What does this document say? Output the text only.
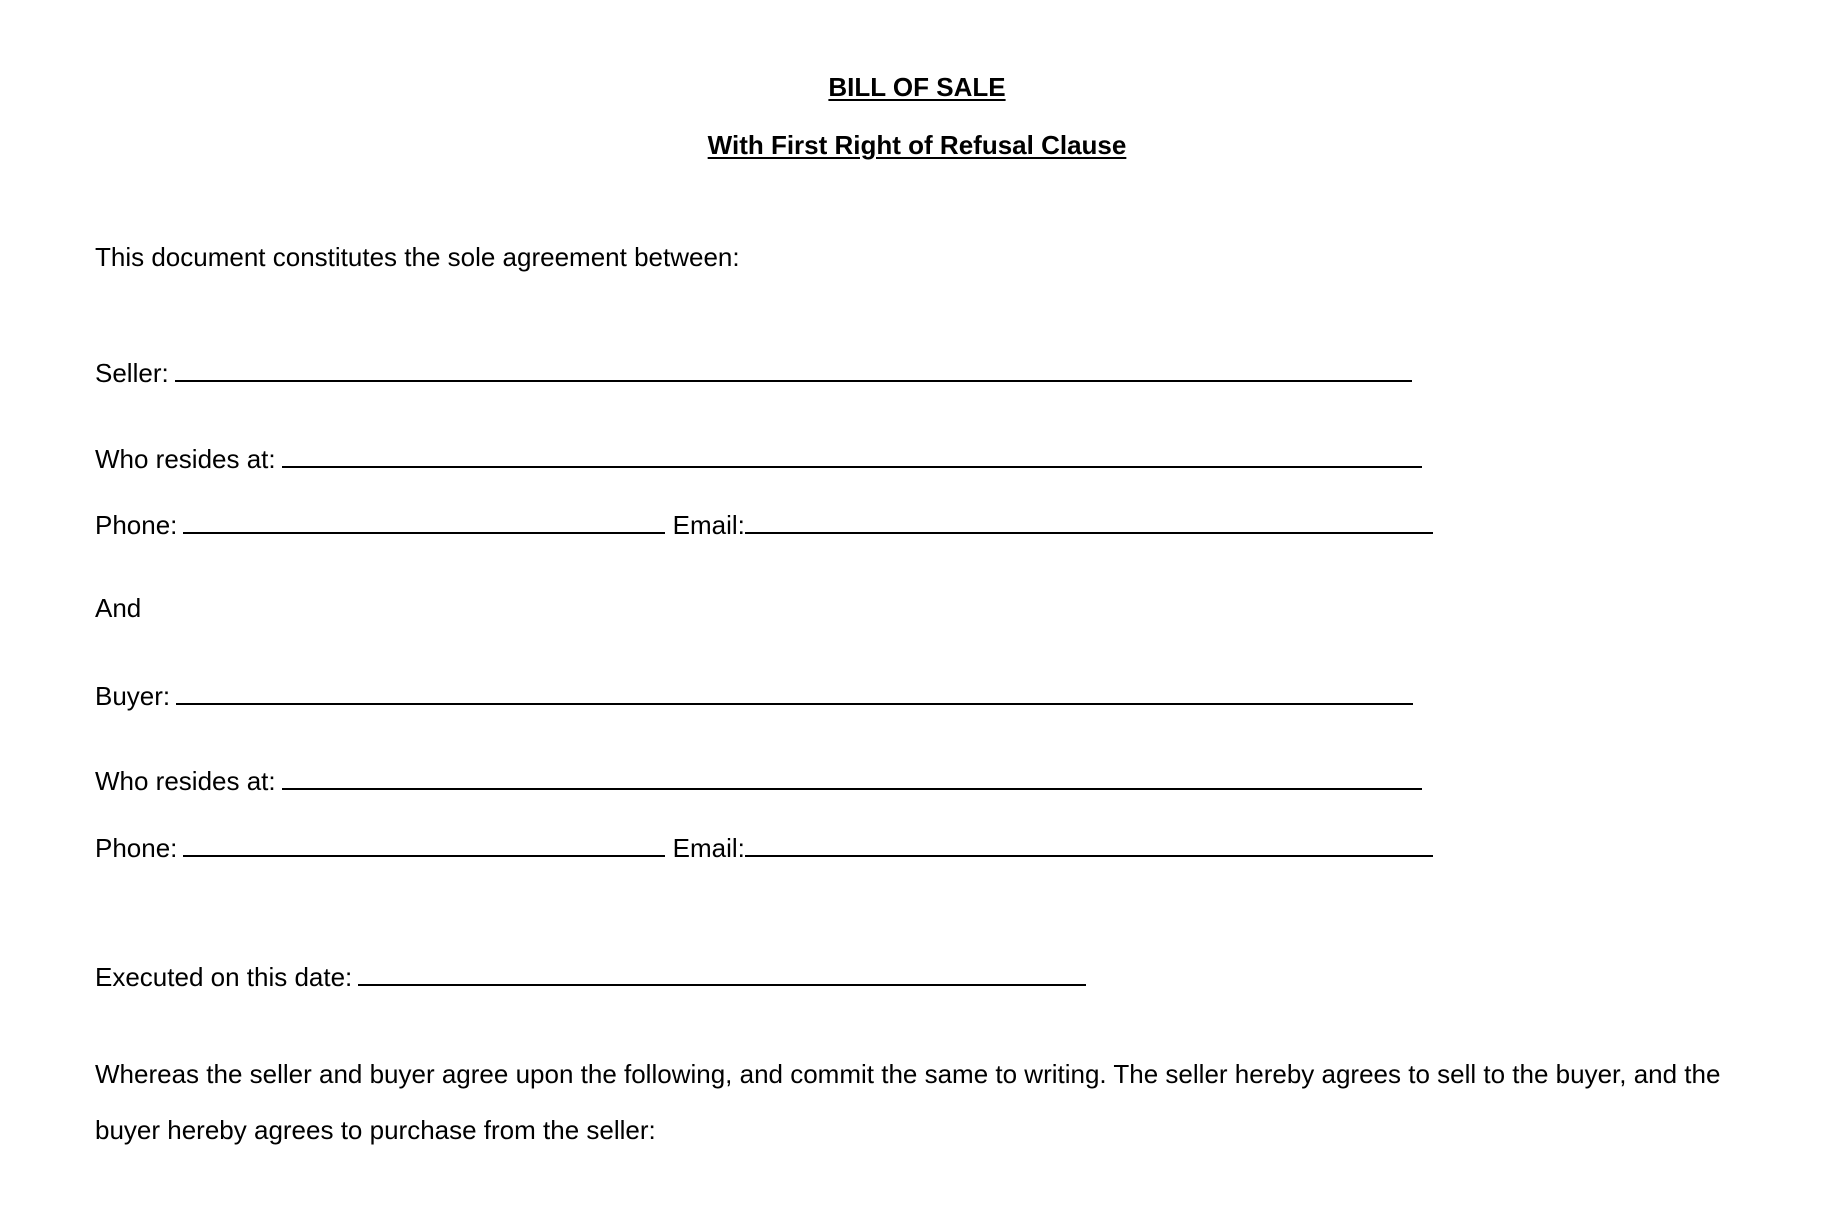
BILL OF SALE
With First Right of Refusal Clause
This document constitutes the sole agreement between:
Seller:
Who resides at:
Phone:	Email:
And
Buyer:
Who resides at:
Phone:	Email:
Executed on this date:

Whereas the seller and buyer agree upon the following, and commit the same to writing. The seller hereby agrees to sell to the buyer, and the buyer hereby agrees to purchase from the seller:
